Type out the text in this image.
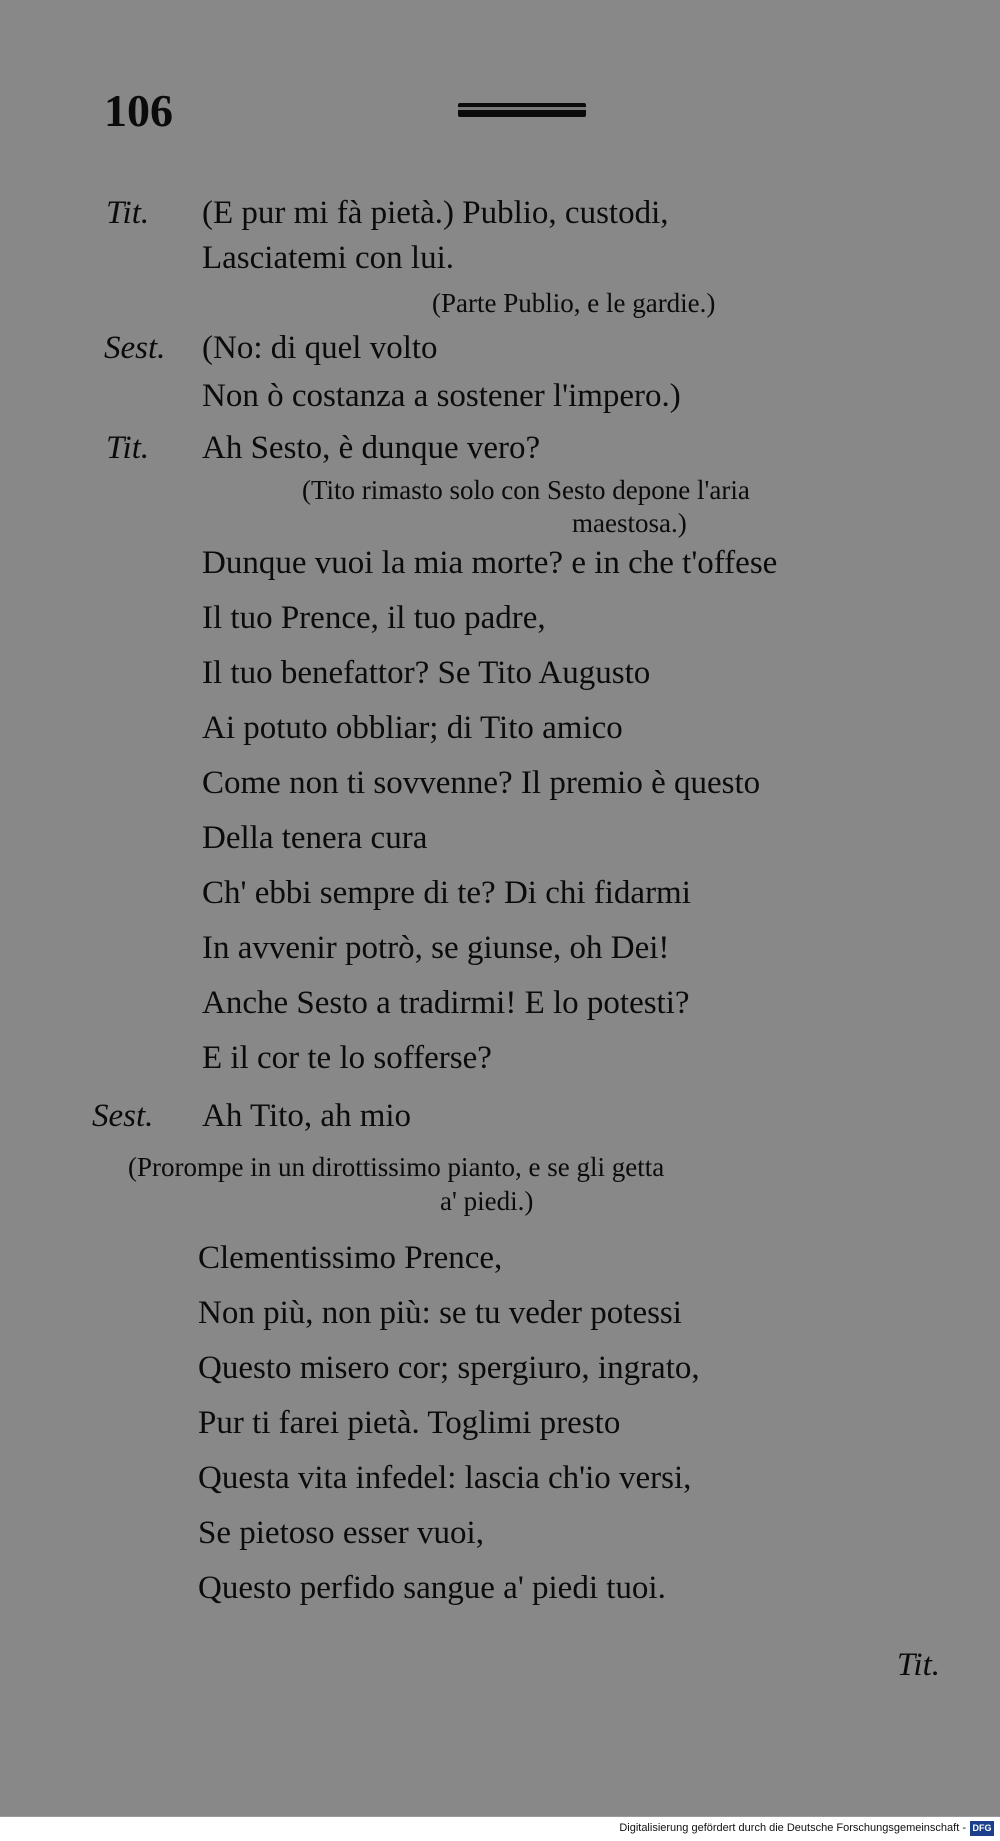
106
Tit. (E pur mi fà pietà.) Publio, custodi,
Lasciatemi con lui.
(Parte Publio, e le gardie.)
Sest. (No: di quel volto
Non ò costanza a sostener l'impero.)
Tit. Ah Sesto, è dunque vero?
(Tito rimasto solo con Sesto depone l'aria
maestosa.)
Dunque vuoi la mia morte? e in che t'offese
Il tuo Prence, il tuo padre,
Il tuo benefattor? Se Tito Augusto
Ai potuto obbliar; di Tito amico
Come non ti sovvenne? Il premio è questo
Della tenera cura
Ch' ebbi sempre di te? Di chi fidarmi
In avvenir potrò, se giunse, oh Dei!
Anche Sesto a tradirmi! E lo potesti?
E il cor te lo sofferse?
Sest. Ah Tito, ah mio
(Prorompe in un dirottissimo pianto, e se gli getta
a' piedi.)
Clementissimo Prence,
Non più, non più: se tu veder potessi
Questo misero cor; spergiuro, ingrato,
Pur ti farei pietà. Toglimi presto
Questa vita infedel: lascia ch'io versi,
Se pietoso esser vuoi,
Questo perfido sangue a' piedi tuoi.
Tit.
Digitalisierung gefördert durch die Deutsche Forschungsgemeinschaft - DFG
